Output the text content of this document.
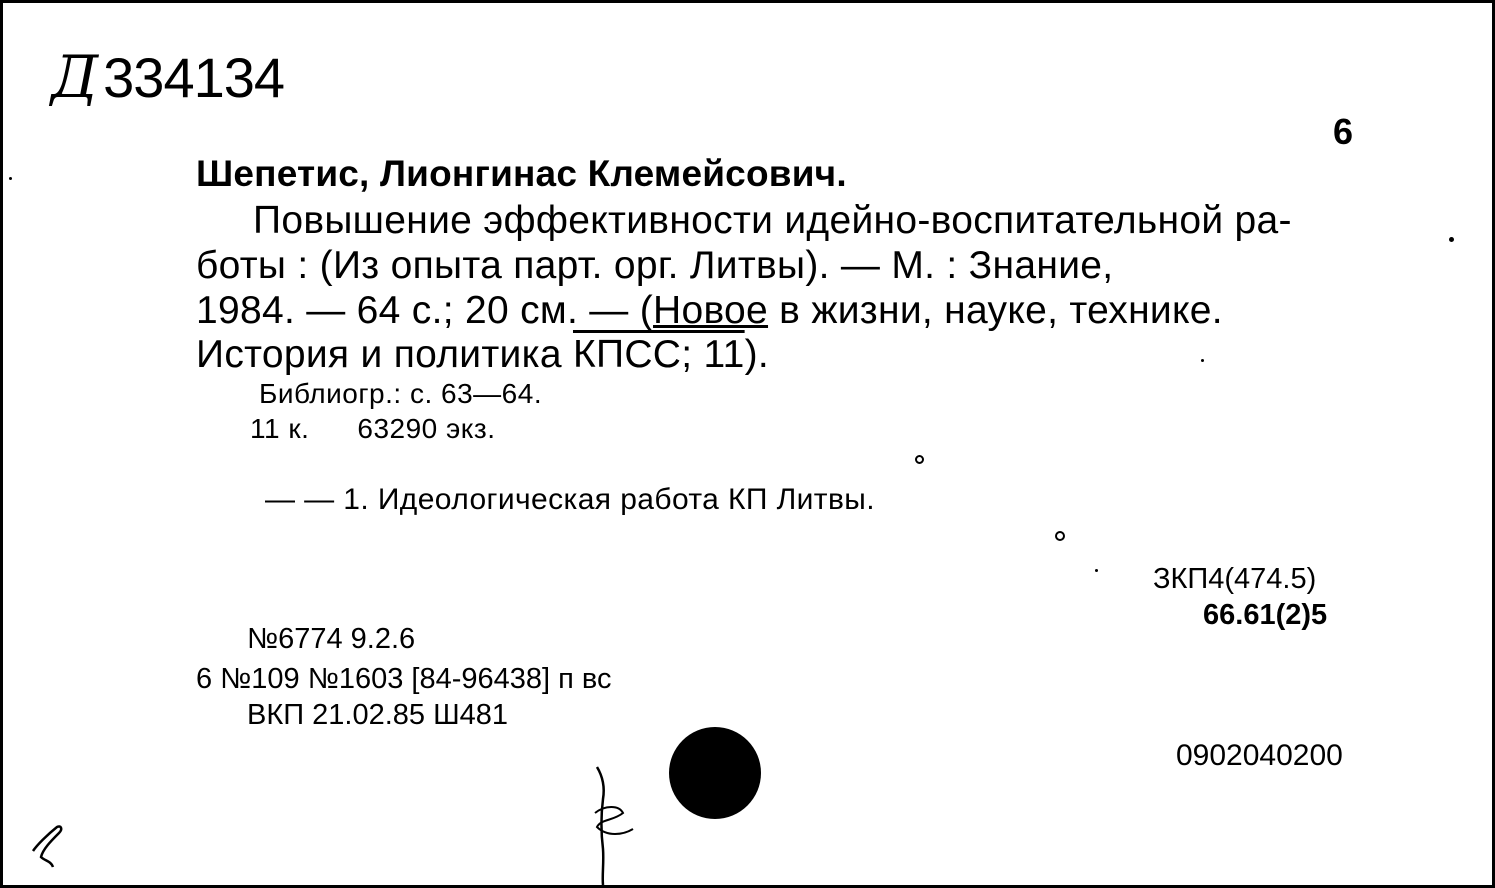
Д 334134
6
Шепетис, Лионгинас Клемейсович.
Повышение эффективности идейно-воспитательной ра-
боты : (Из опыта парт. орг. Литвы). — М. : Знание,
1984. — 64 с.; 20 см. — (Новое в жизни, науке, технике.
История и политика КПСС; 11).
Библиогр.: с. 63—64.
11 к. 63290 экз.
— — 1. Идеологическая работа КП Литвы.
ЗКП4(474.5)
66.61(2)5
№6774 9.2.6
6 №109 №1603 [84-96438] п вс
ВКП 21.02.85 Ш481
0902040200
